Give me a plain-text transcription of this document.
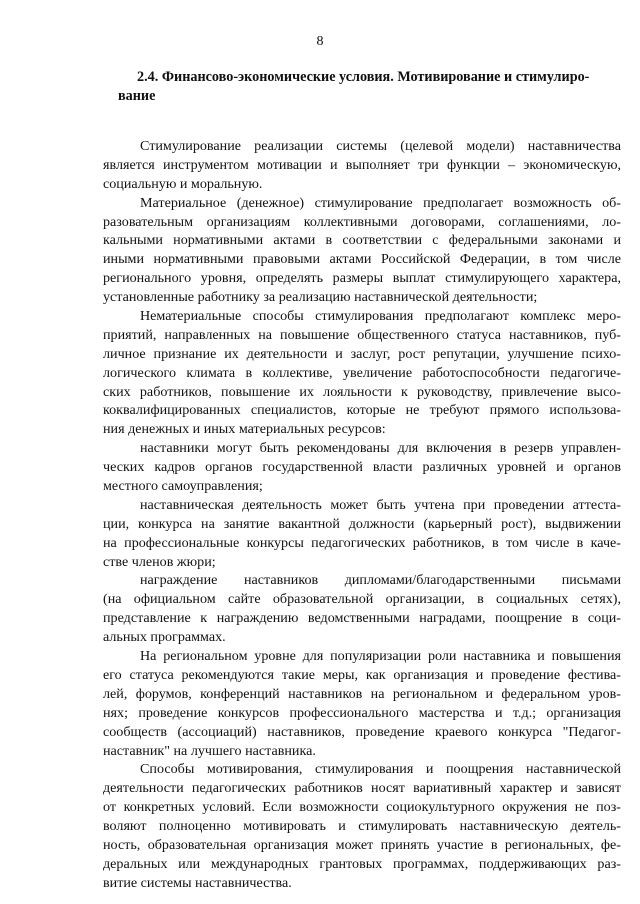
8
2.4. Финансово-экономические условия. Мотивирование и стимулиро-
вание

Стимулирование реализации системы (целевой модели) наставничества
является инструментом мотивации и выполняет три функции – экономическую,
социальную и моральную.

Материальное (денежное) стимулирование предполагает возможность об-
разовательным организациям коллективными договорами, соглашениями, ло-
кальными нормативными актами в соответствии с федеральными законами и
иными нормативными правовыми актами Российской Федерации, в том числе
регионального уровня, определять размеры выплат стимулирующего характера,
установленные работнику за реализацию наставнической деятельности;

Нематериальные способы стимулирования предполагают комплекс меро-
приятий, направленных на повышение общественного статуса наставников, пуб-
личное признание их деятельности и заслуг, рост репутации, улучшение психо-
логического климата в коллективе, увеличение работоспособности педагогиче-
ских работников, повышение их лояльности к руководству, привлечение высо-
коквалифицированных специалистов, которые не требуют прямого использова-
ния денежных и иных материальных ресурсов:

наставники могут быть рекомендованы для включения в резерв управлен-
ческих кадров органов государственной власти различных уровней и органов
местного самоуправления;

наставническая деятельность может быть учтена при проведении аттеста-
ции, конкурса на занятие вакантной должности (карьерный рост), выдвижении
на профессиональные конкурсы педагогических работников, в том числе в каче-
стве членов жюри;

награждение наставников дипломами/благодарственными письмами
(на официальном сайте образовательной организации, в социальных сетях),
представление к награждению ведомственными наградами, поощрение в соци-
альных программах.

На региональном уровне для популяризации роли наставника и повышения
его статуса рекомендуются такие меры, как организация и проведение фестива-
лей, форумов, конференций наставников на региональном и федеральном уров-
нях; проведение конкурсов профессионального мастерства и т.д.; организация
сообществ (ассоциаций) наставников, проведение краевого конкурса "Педагог-
наставник" на лучшего наставника.

Способы мотивирования, стимулирования и поощрения наставнической
деятельности педагогических работников носят вариативный характер и зависят
от конкретных условий. Если возможности социокультурного окружения не поз-
воляют полноценно мотивировать и стимулировать наставническую деятель-
ность, образовательная организация может принять участие в региональных, фе-
деральных или международных грантовых программах, поддерживающих раз-
витие системы наставничества.
